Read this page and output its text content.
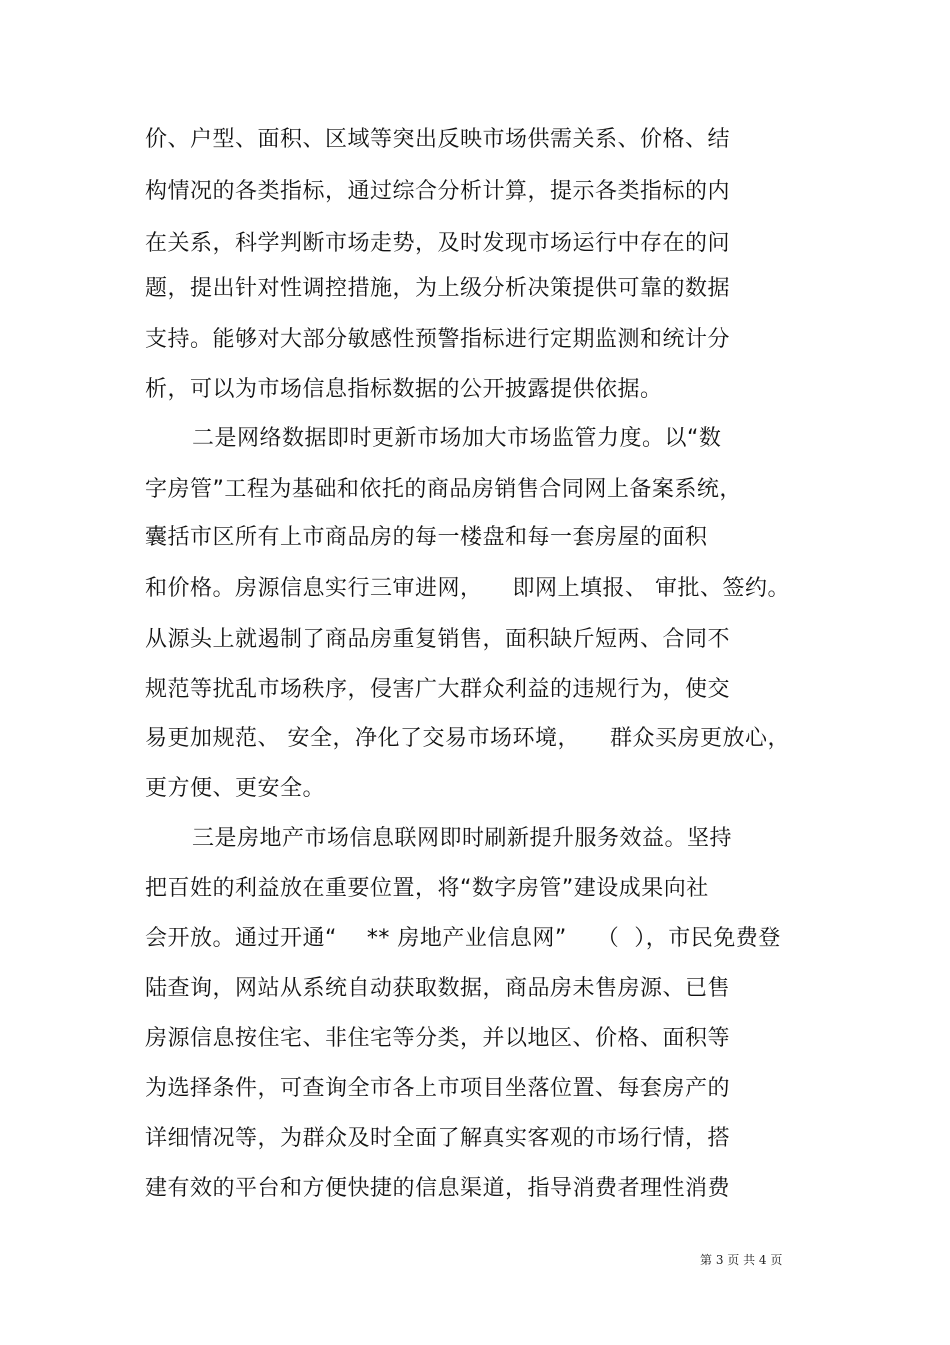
价、户型、面积、区域等突出反映市场供需关系、价格、结
构情况的各类指标，通过综合分析计算，提示各类指标的内
在关系，科学判断市场走势，及时发现市场运行中存在的问
题，提出针对性调控措施，为上级分析决策提供可靠的数据
支持。能够对大部分敏感性预警指标进行定期监测和统计分
析，可以为市场信息指标数据的公开披露提供依据。
二是网络数据即时更新市场加大市场监管力度。以“数
字房管”工程为基础和依托的商品房销售合同网上备案系统，
囊括市区所有上市商品房的每一楼盘和每一套房屋的面积
和价格。房源信息实行三审进网，    即网上填报、 审批、签约。
从源头上就遏制了商品房重复销售，面积缺斤短两、合同不
规范等扰乱市场秩序，侵害广大群众利益的违规行为，使交
易更加规范、 安全，净化了交易市场环境，    群众买房更放心，
更方便、更安全。
三是房地产市场信息联网即时刷新提升服务效益。坚持
把百姓的利益放在重要位置，将“数字房管”建设成果向社
会开放。通过开通“    ** 房地产业信息网”    （  ），市民免费登
陆查询，网站从系统自动获取数据，商品房未售房源、已售
房源信息按住宅、非住宅等分类，并以地区、价格、面积等
为选择条件，可查询全市各上市项目坐落位置、每套房产的
详细情况等，为群众及时全面了解真实客观的市场行情，搭
建有效的平台和方便快捷的信息渠道，指导消费者理性消费
第 3 页 共 4 页
